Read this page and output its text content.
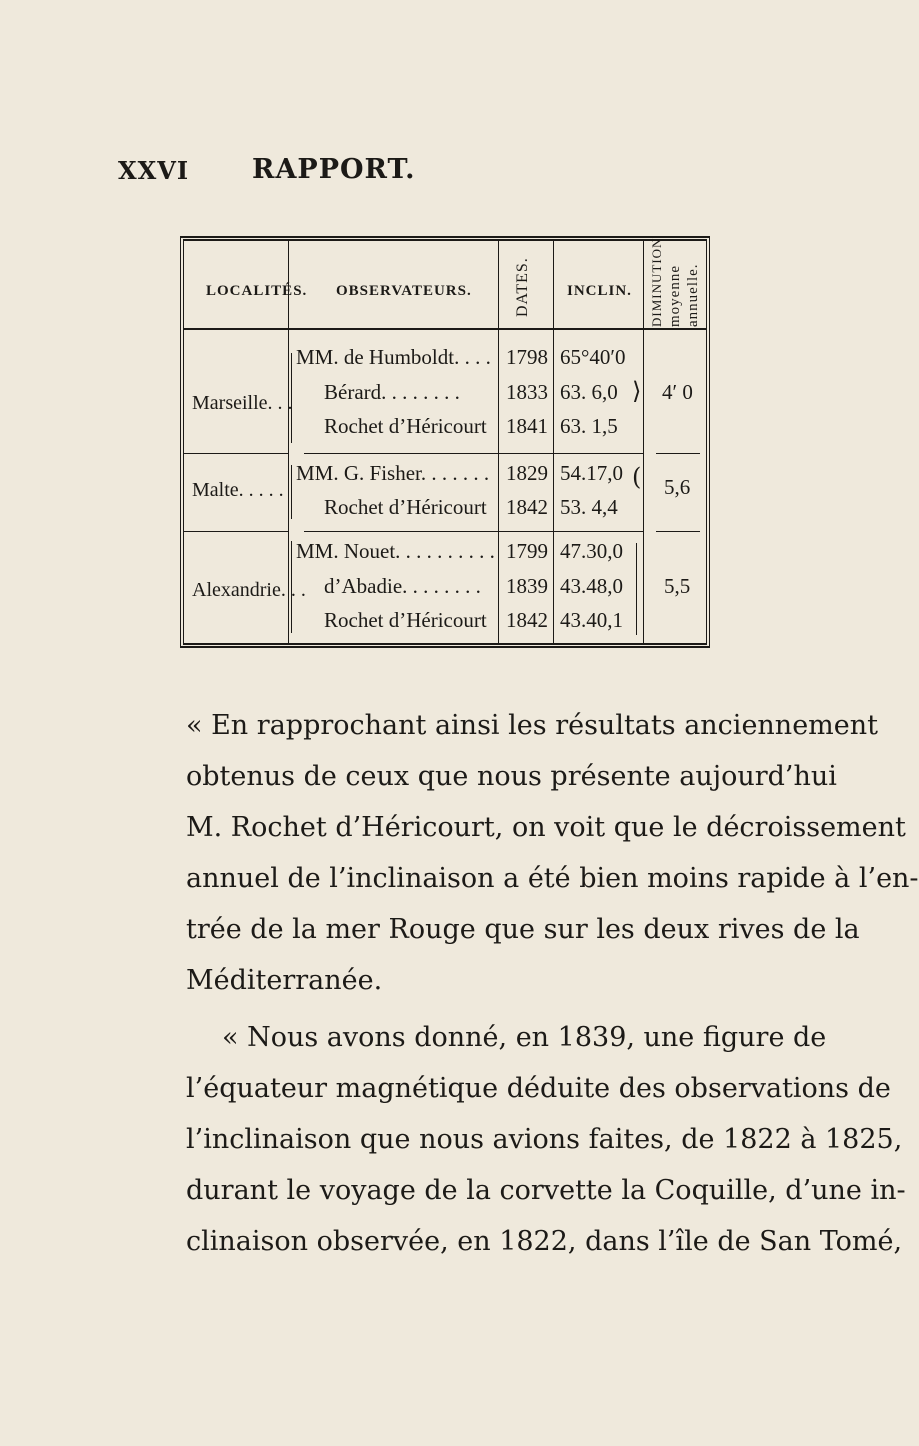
XXVI RAPPORT.
LOCALITÉS. OBSERVATEURS.	DATES. INCLIN. DIMINUTION moyenne annuelle.
Marseille. . .
MM. de Humboldt. . . . 1798 65°40′0
Bérard. . . . . . . . 1833 63. 6,0
Rochet d’Héricourt 1841 63. 1,5
⟩ 4′ 0
Malte. . . . .
MM. G. Fisher. . . . . . . 1829 54.17,0
Rochet d’Héricourt 1842 53. 4,4
( 5,6
Alexandrie. . .
MM. Nouet. . . . . . . . . . 1799 47.30,0
d’Abadie. . . . . . . . 1839 43.48,0
Rochet d’Héricourt 1842 43.40,1
5,5
« En rapprochant ainsi les résultats anciennement
obtenus de ceux que nous présente aujourd’hui
M. Rochet d’Héricourt, on voit que le décroissement
annuel de l’inclinaison a été bien moins rapide à l’en-
trée de la mer Rouge que sur les deux rives de la
Méditerranée.
« Nous avons donné, en 1839, une figure de
l’équateur magnétique déduite des observations de
l’inclinaison que nous avions faites, de 1822 à 1825,
durant le voyage de la corvette la Coquille, d’une in-
clinaison observée, en 1822, dans l’île de San Tomé,
